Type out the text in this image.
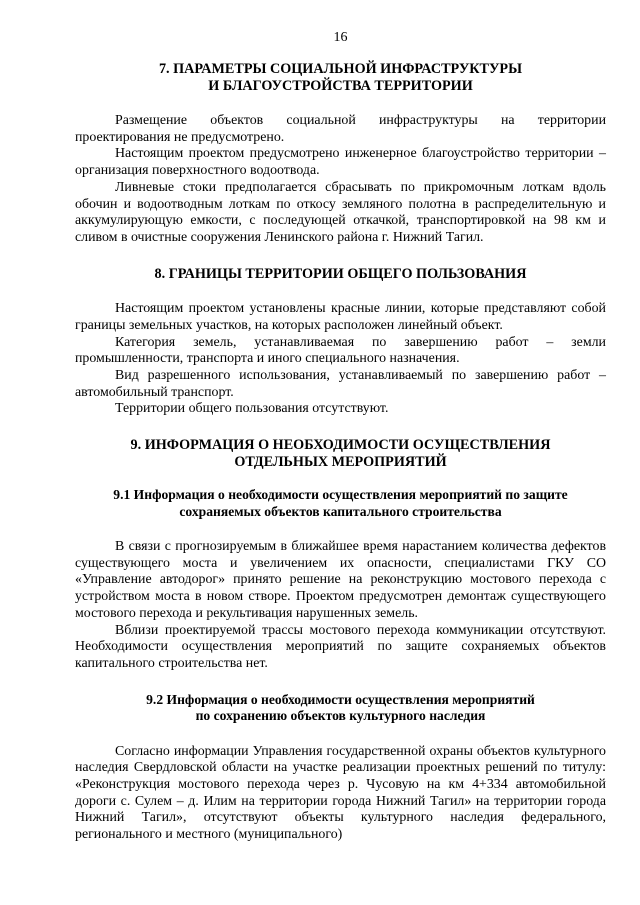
16
7. ПАРАМЕТРЫ СОЦИАЛЬНОЙ ИНФРАСТРУКТУРЫ
И БЛАГОУСТРОЙСТВА ТЕРРИТОРИИ

Размещение объектов социальной инфраструктуры на территории проектирования не предусмотрено.

Настоящим проектом предусмотрено инженерное благоустройство территории – организация поверхностного водоотвода.

Ливневые стоки предполагается сбрасывать по прикромочным лоткам вдоль обочин и водоотводным лоткам по откосу земляного полотна в распределительную и аккумулирующую емкости, с последующей откачкой, транспортировкой на 98 км и сливом в очистные сооружения Ленинского района г. Нижний Тагил.

8. ГРАНИЦЫ ТЕРРИТОРИИ ОБЩЕГО ПОЛЬЗОВАНИЯ

Настоящим проектом установлены красные линии, которые представляют собой границы земельных участков, на которых расположен линейный объект.

Категория земель, устанавливаемая по завершению работ – земли промышленности, транспорта и иного специального назначения.

Вид разрешенного использования, устанавливаемый по завершению работ – автомобильный транспорт.

Территории общего пользования отсутствуют.

9. ИНФОРМАЦИЯ О НЕОБХОДИМОСТИ ОСУЩЕСТВЛЕНИЯ
ОТДЕЛЬНЫХ МЕРОПРИЯТИЙ
9.1 Информация о необходимости осуществления мероприятий по защите
сохраняемых объектов капитального строительства

В связи с прогнозируемым в ближайшее время нарастанием количества дефектов существующего моста и увеличением их опасности, специалистами ГКУ СО «Управление автодорог» принято решение на реконструкцию мостового перехода с устройством моста в новом створе. Проектом предусмотрен демонтаж существующего мостового перехода и рекультивация нарушенных земель.

Вблизи проектируемой трассы мостового перехода коммуникации отсутствуют. Необходимости осуществления мероприятий по защите сохраняемых объектов капитального строительства нет.

9.2 Информация о необходимости осуществления мероприятий
по сохранению объектов культурного наследия

Согласно информации Управления государственной охраны объектов культурного наследия Свердловской области на участке реализации проектных решений по титулу: «Реконструкция мостового перехода через р. Чусовую на км 4+334 автомобильной дороги с. Сулем – д. Илим на территории города Нижний Тагил» на территории города Нижний Тагил», отсутствуют объекты культурного наследия федерального, регионального и местного (муниципального)
